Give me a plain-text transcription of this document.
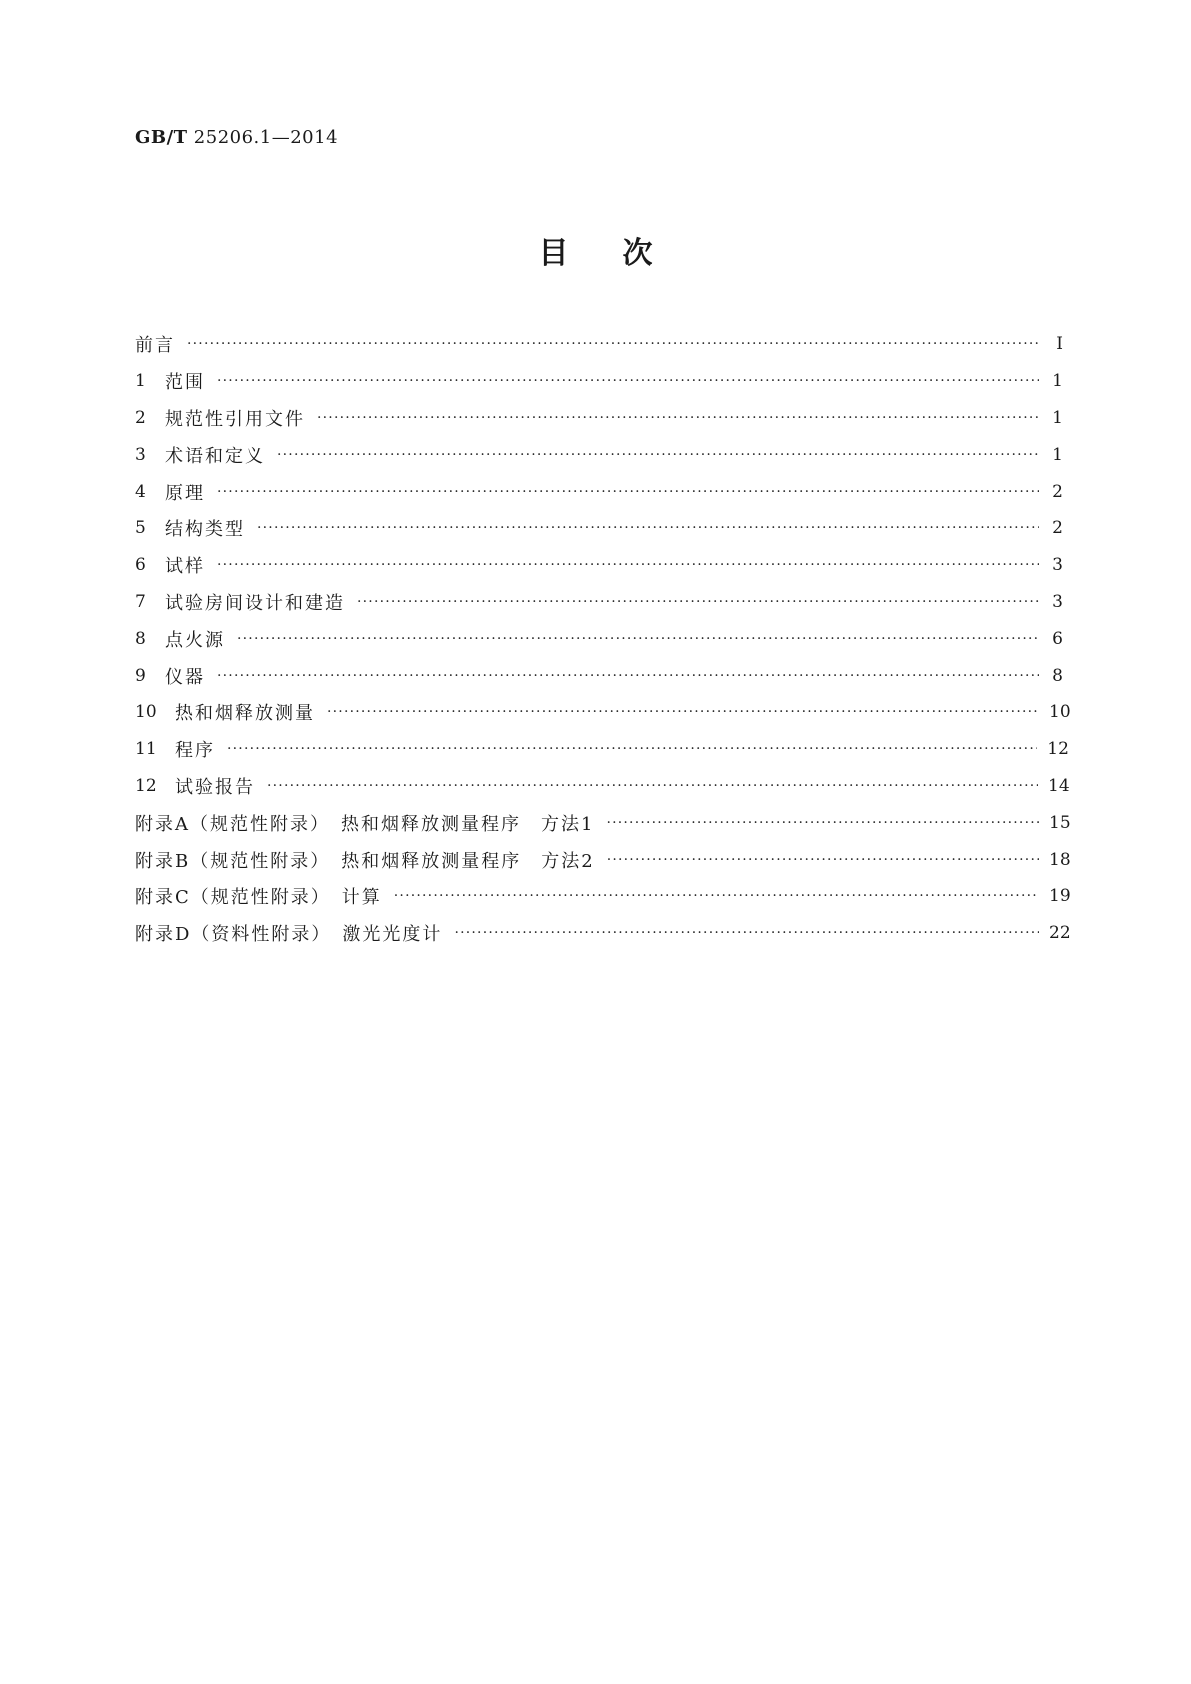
GB/T 25206.1—2014
目次
前言 ·····	Ⅰ
1	范围 ·····	1
2	规范性引用文件 ·····	1
3	术语和定义 ·····	1
4	原理 ·····	2
5	结构类型 ·····	2
6	试样 ·····	3
7	试验房间设计和建造 ·····	3
8	点火源 ·····	6
9	仪器 ·····	8
10	热和烟释放测量 ·····	10
11	程序 ·····	12
12	试验报告 ·····	14
附录A（规范性附录）　热和烟释放测量程序　方法1 ·····	15
附录B（规范性附录）　热和烟释放测量程序　方法2 ·····	18
附录C（规范性附录）　计算 ·····	19
附录D（资料性附录）　激光光度计 ·····	22
